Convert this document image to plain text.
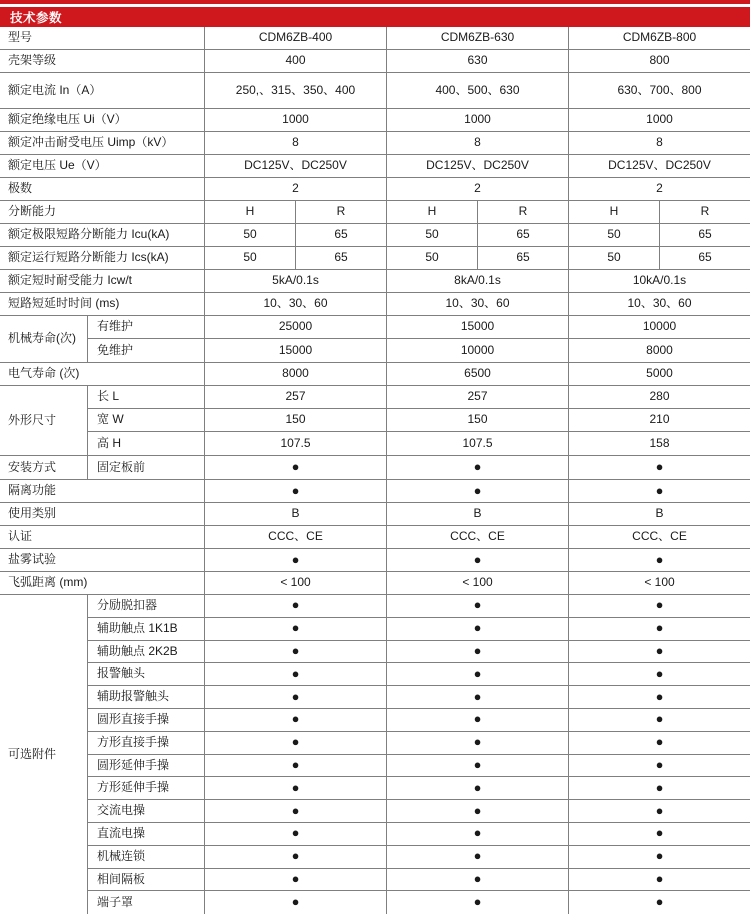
技术参数
型号	CDM6ZB-400	CDM6ZB-630	CDM6ZB-800
壳架等级	400	630	800
额定电流 In（A）	250,、315、350、400	400、500、630	630、700、800
额定绝缘电压 Ui（V）	1000	1000	1000
额定冲击耐受电压 Uimp（kV）	8	8	8
额定电压 Ue（V）	DC125V、DC250V	DC125V、DC250V	DC125V、DC250V
极数	2	2	2
分断能力	H	R	H	R	H	R
额定极限短路分断能力 Icu(kA)	50	65	50	65	50	65
额定运行短路分断能力 Ics(kA)	50	65	50	65	50	65
额定短时耐受能力 Icw/t	5kA/0.1s	8kA/0.1s	10kA/0.1s
短路短延时时间 (ms)	10、30、60	10、30、60	10、30、60
机械寿命(次)
有维护	25000	15000	10000
免维护	15000	10000	8000
电气寿命 (次)	8000	6500	5000
外形尺寸
长 L	257	257	280
宽 W	150	150	210
高 H	107.5	107.5	158
安装方式	固定板前	●	●	●
隔离功能	●	●	●
使用类别	B	B	B
认证	CCC、CE	CCC、CE	CCC、CE
盐雾试验	●	●	●
飞弧距离 (mm)	< 100	< 100	< 100
可选附件
分励脱扣器	●	●	●
辅助触点 1K1B	●	●	●
辅助触点 2K2B	●	●	●
报警触头	●	●	●
辅助报警触头	●	●	●
圆形直接手操	●	●	●
方形直接手操	●	●	●
圆形延伸手操	●	●	●
方形延伸手操	●	●	●
交流电操	●	●	●
直流电操	●	●	●
机械连锁	●	●	●
相间隔板	●	●	●
端子罩	●	●	●
